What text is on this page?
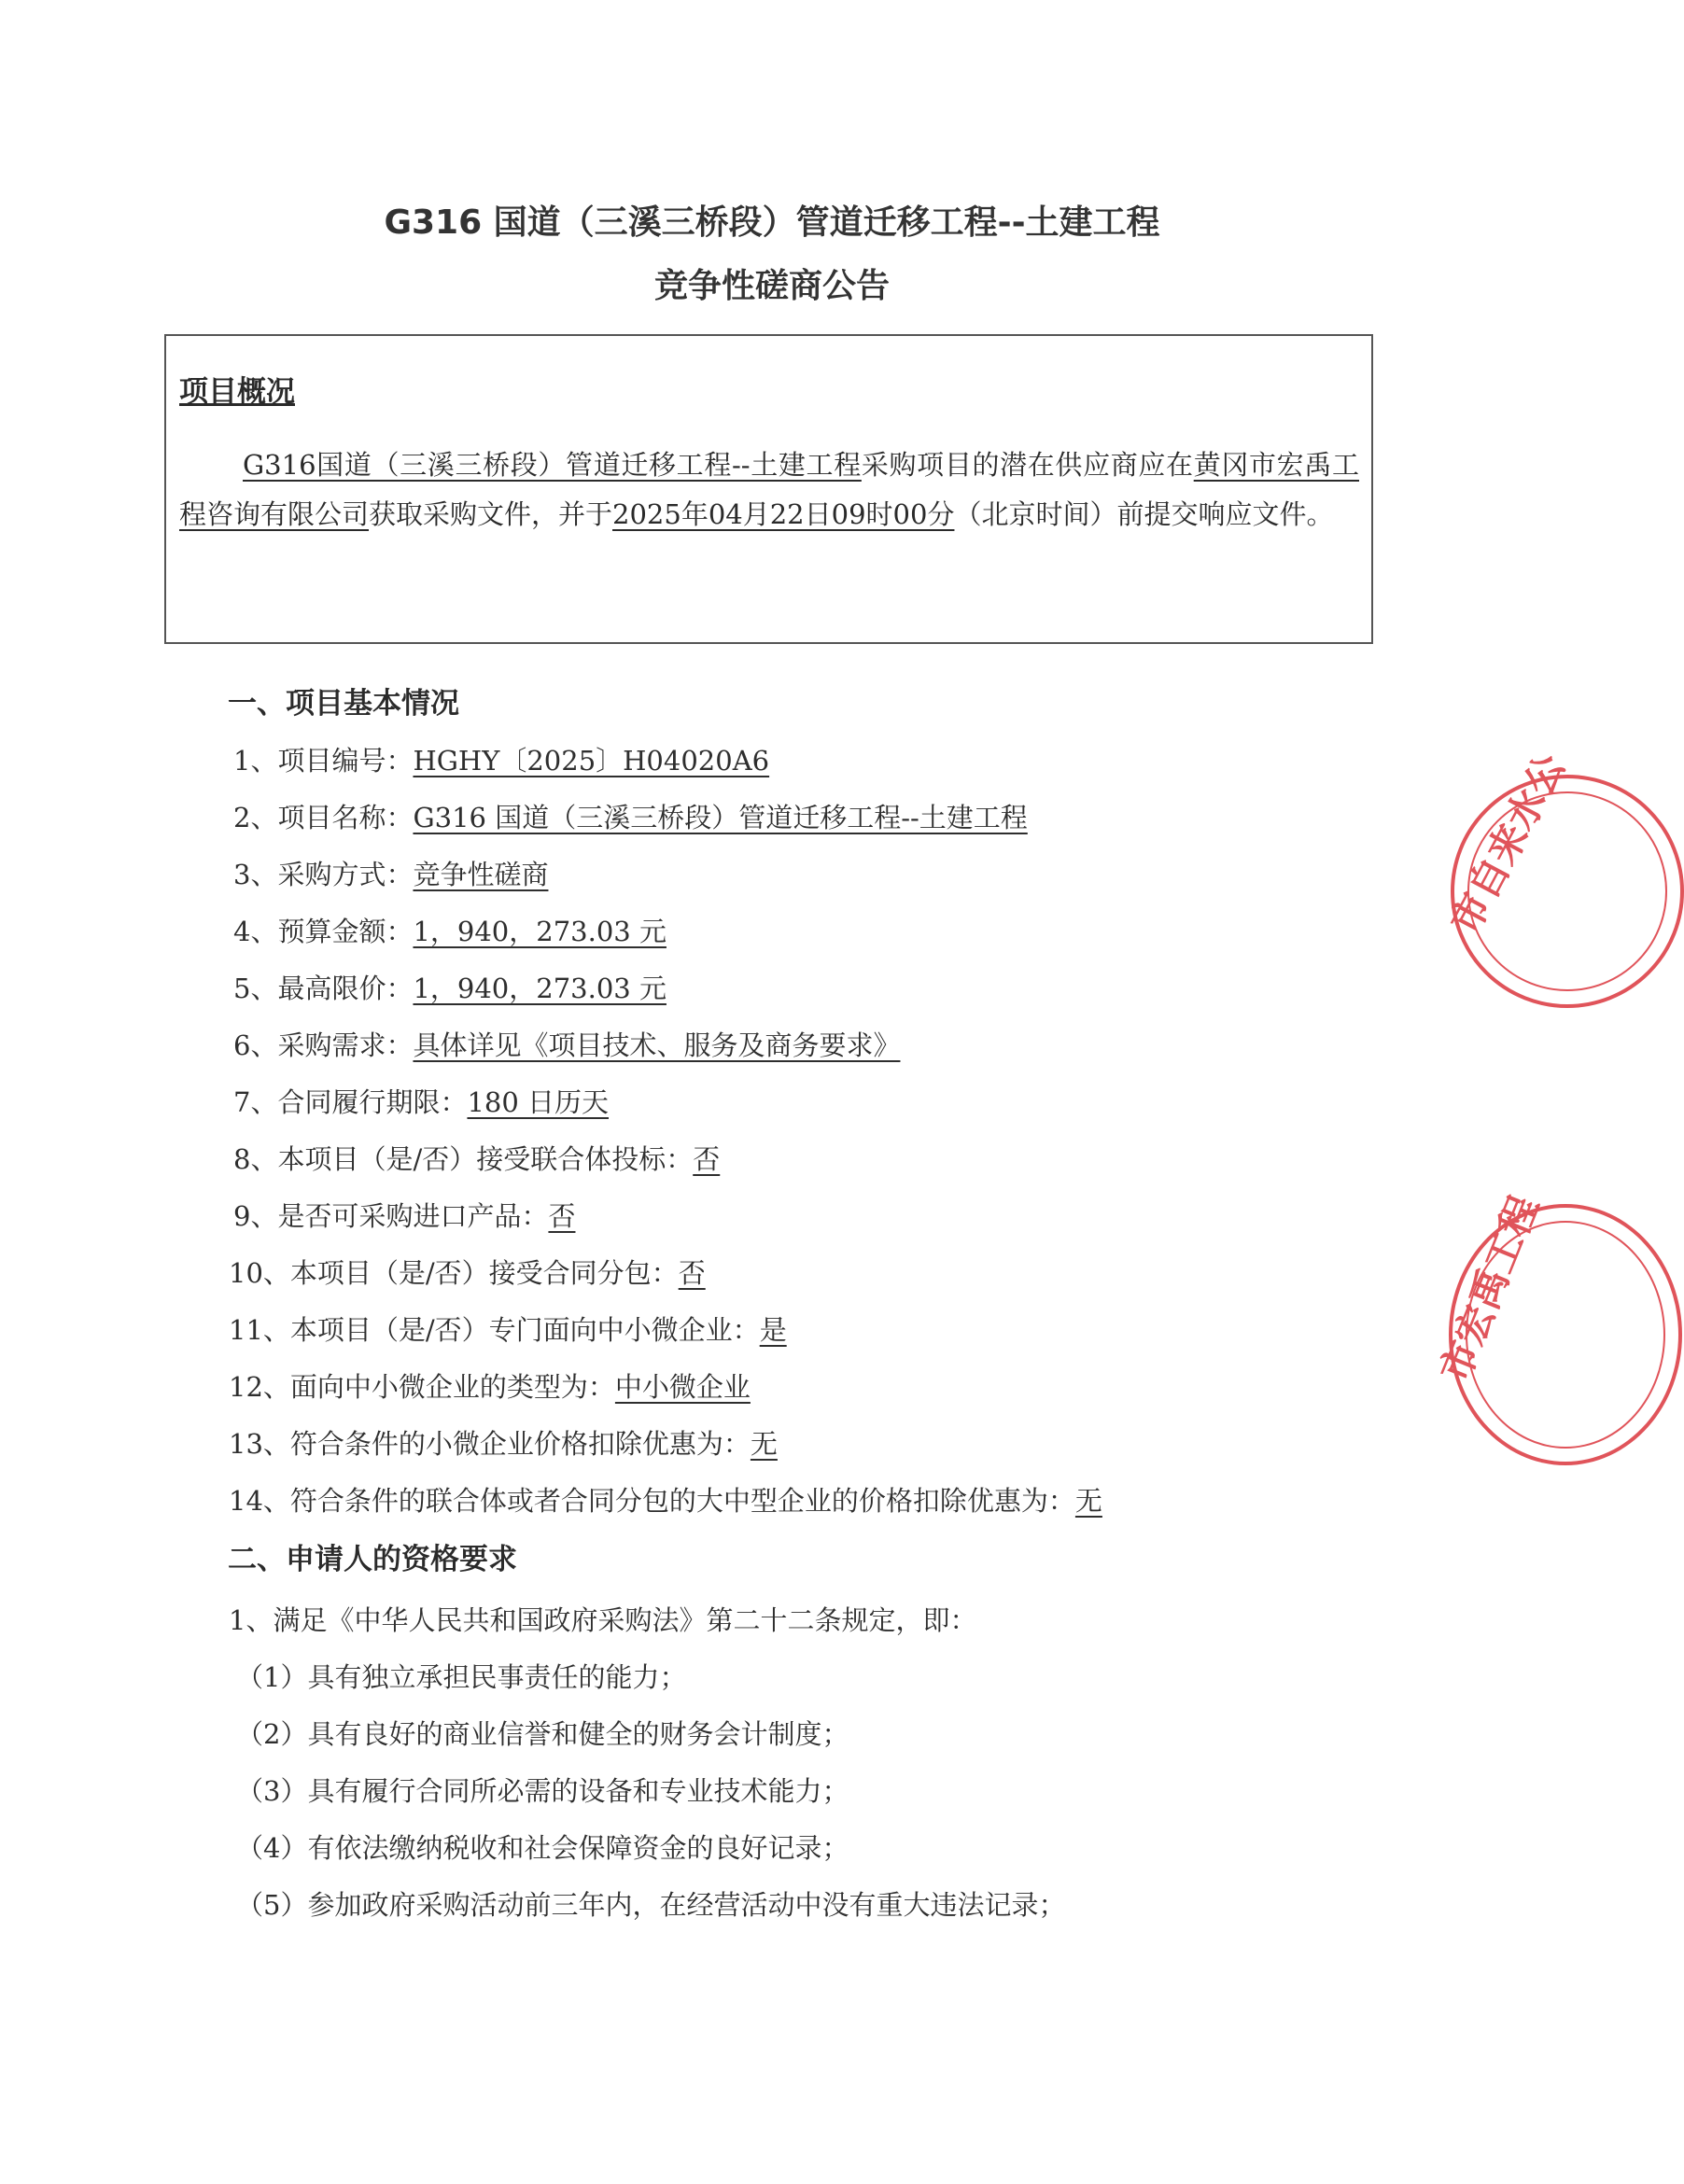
G316 国道（三溪三桥段）管道迁移工程--土建工程
竞争性磋商公告
项目概况
G316国道（三溪三桥段）管道迁移工程--土建工程采购项目的潜在供应商应在黄冈市宏禹工程咨询有限公司获取采购文件，并于2025年04月22日09时00分（北京时间）前提交响应文件。
一、项目基本情况
1、项目编号：HGHY〔2025〕H04020A6
2、项目名称：G316 国道（三溪三桥段）管道迁移工程--土建工程
3、采购方式：竞争性磋商
4、预算金额：1，940，273.03 元
5、最高限价：1，940，273.03 元
6、采购需求：具体详见《项目技术、服务及商务要求》
7、合同履行期限：180 日历天
8、本项目（是/否）接受联合体投标：否
9、是否可采购进口产品：否
10、本项目（是/否）接受合同分包：否
11、本项目（是/否）专门面向中小微企业：是
12、面向中小微企业的类型为：中小微企业
13、符合条件的小微企业价格扣除优惠为：无
14、符合条件的联合体或者合同分包的大中型企业的价格扣除优惠为：无
二、申请人的资格要求
1、满足《中华人民共和国政府采购法》第二十二条规定，即：
（1）具有独立承担民事责任的能力；
（2）具有良好的商业信誉和健全的财务会计制度；
（3）具有履行合同所必需的设备和专业技术能力；
（4）有依法缴纳税收和社会保障资金的良好记录；
（5）参加政府采购活动前三年内，在经营活动中没有重大违法记录；
市自来水公
市宏禹工程
